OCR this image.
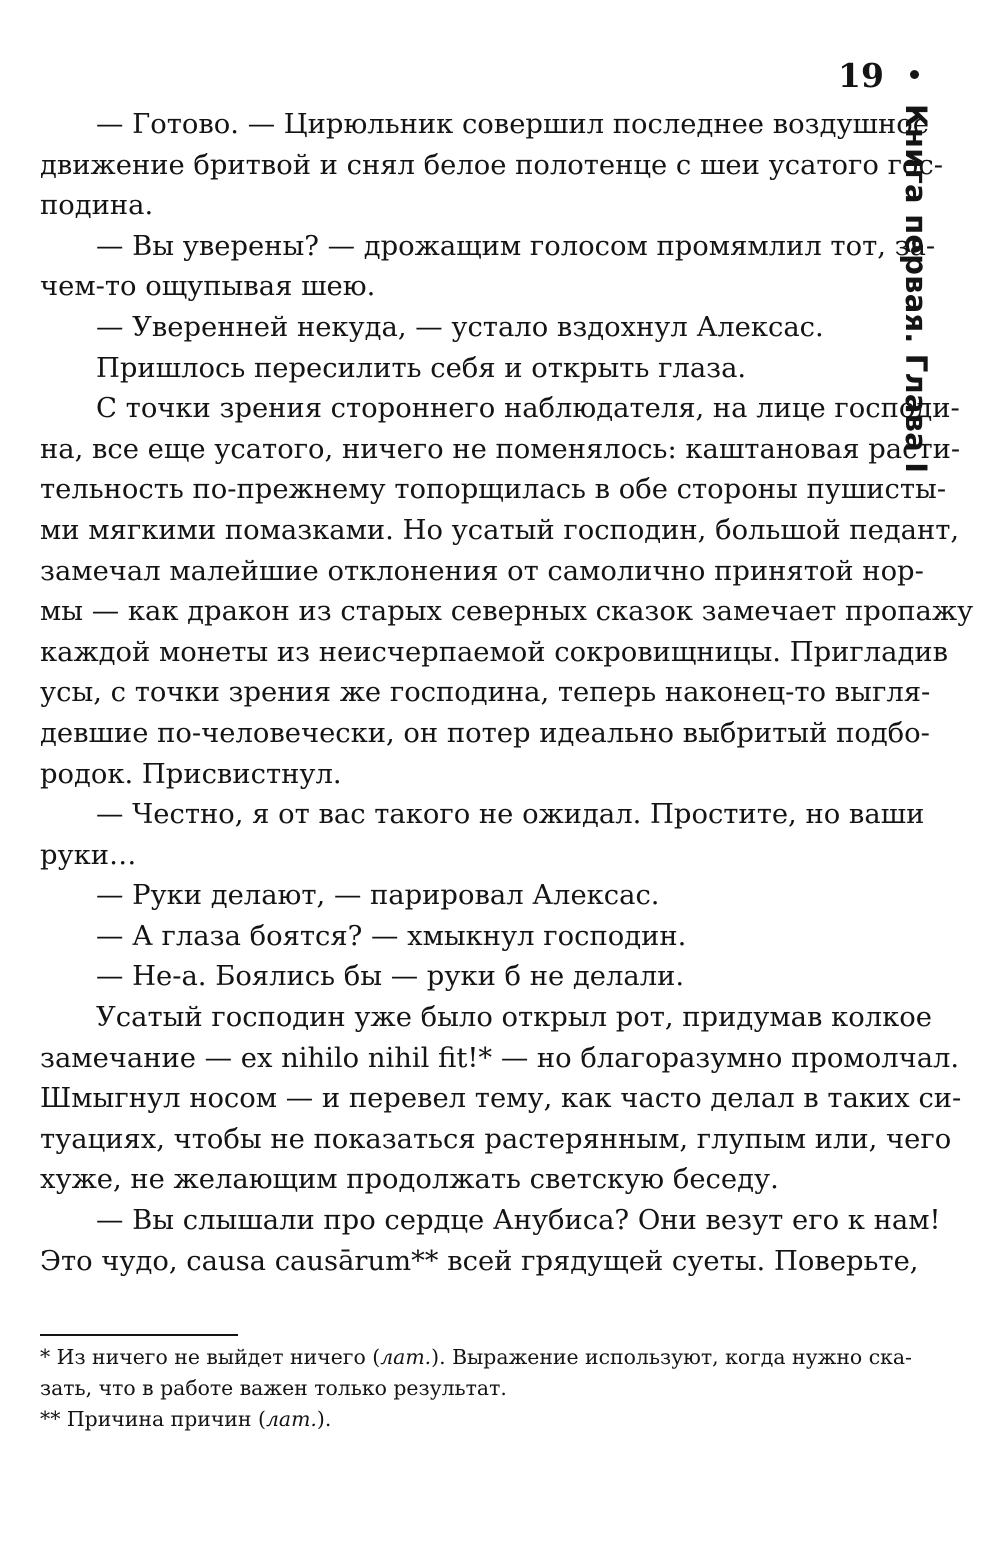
19
Книга первая. Глава I
— Готово. — Цирюльник совершил последнее воздушное
движение бритвой и снял белое полотенце с шеи усатого гос-
подина.
— Вы уверены? — дрожащим голосом промямлил тот, за-
чем-то ощупывая шею.
— Уверенней некуда, — устало вздохнул Алексас.
Пришлось пересилить себя и открыть глаза.
С точки зрения стороннего наблюдателя, на лице господи-
на, все еще усатого, ничего не поменялось: каштановая расти-
тельность по-прежнему топорщилась в обе стороны пушисты-
ми мягкими помазками. Но усатый господин, большой педант,
замечал малейшие отклонения от самолично принятой нор-
мы — как дракон из старых северных сказок замечает пропажу
каждой монеты из неисчерпаемой сокровищницы. Пригладив
усы, с точки зрения же господина, теперь наконец-то выгля-
девшие по-человечески, он потер идеально выбритый подбо-
родок. Присвистнул.
— Честно, я от вас такого не ожидал. Простите, но ваши
руки…
— Руки делают, — парировал Алексас.
— А глаза боятся? — хмыкнул господин.
— Не-а. Боялись бы — руки б не делали.
Усатый господин уже было открыл рот, придумав колкое
замечание — ex nihilo nihil fit!* — но благоразумно промолчал.
Шмыгнул носом — и перевел тему, как часто делал в таких си-
туациях, чтобы не показаться растерянным, глупым или, чего
хуже, не желающим продолжать светскую беседу.
— Вы слышали про сердце Анубиса? Они везут его к нам!
Это чудо, causa causārum** всей грядущей суеты. Поверьте,
* Из ничего не выйдет ничего (лат.). Выражение используют, когда нужно ска-
зать, что в работе важен только результат.
** Причина причин (лат.).
